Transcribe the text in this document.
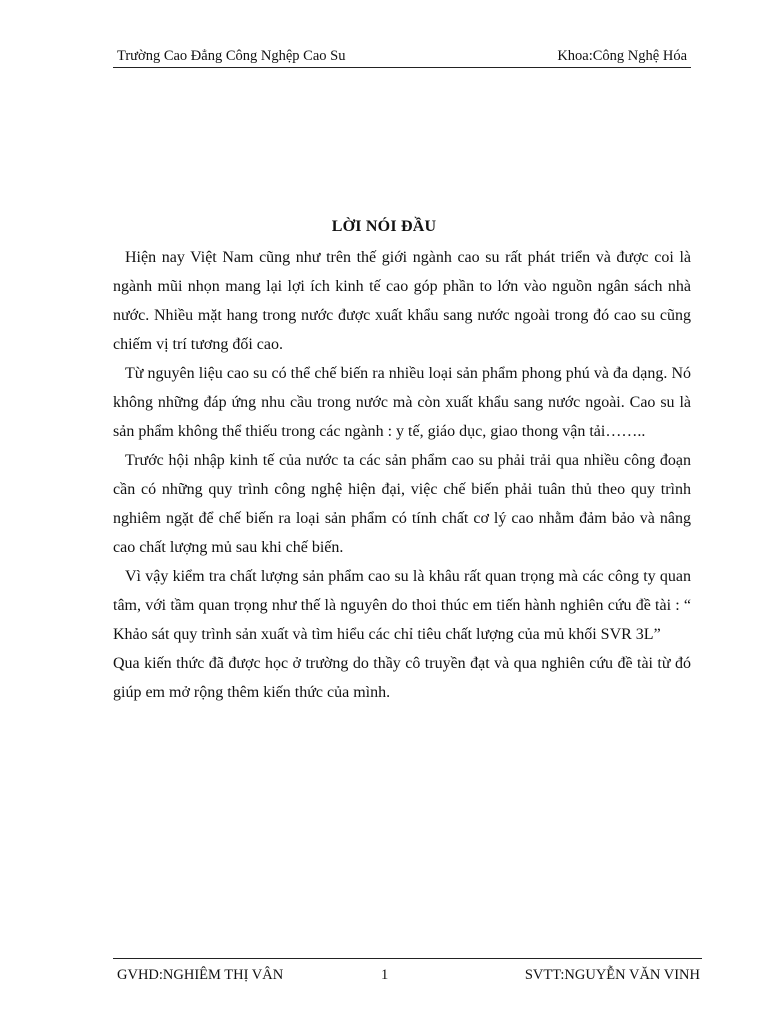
Trường Cao Đẳng Công Nghệp Cao Su	Khoa:Công Nghệ Hóa
LỜI NÓI ĐẦU

Hiện nay Việt Nam cũng như trên thế giới ngành cao su rất phát triển và được coi là ngành mũi nhọn mang lại lợi ích kinh tế cao góp phần to lớn vào nguồn ngân sách nhà nước. Nhiều mặt hang trong nước được xuất khẩu sang nước ngoài trong đó cao su cũng chiếm vị trí tương đối cao.

Từ nguyên liệu cao su có thể chế biến ra nhiều loại sản phẩm phong phú và đa dạng. Nó không những đáp ứng nhu cầu trong nước mà còn xuất khẩu sang nước ngoài. Cao su là sản phẩm không thể thiếu trong các ngành : y tế, giáo dục, giao thong vận tải……..

Trước hội nhập kinh tế của nước ta các sản phẩm cao su phải trải qua nhiều công đoạn cần có những quy trình công nghệ hiện đại, việc chế biến phải tuân thủ theo quy trình nghiêm ngặt để chế biến ra loại sản phẩm có tính chất cơ lý cao nhằm đảm bảo và nâng cao chất lượng mủ sau khi chế biến.

Vì vậy kiểm tra chất lượng sản phẩm cao su là khâu rất quan trọng mà các công ty quan tâm, với tầm quan trọng như thế là nguyên do thoi thúc em tiến hành nghiên cứu đề tài : “ Khảo sát quy trình sản xuất và tìm hiểu các chỉ tiêu chất lượng của mủ khối SVR 3L”

Qua kiến thức đã được học ở trường do thầy cô truyền đạt và qua nghiên cứu đề tài từ đó giúp em mở rộng thêm kiến thức của mình.

GVHD:NGHIÊM THỊ VÂN	1	SVTT:NGUYỄN VĂN VINH
